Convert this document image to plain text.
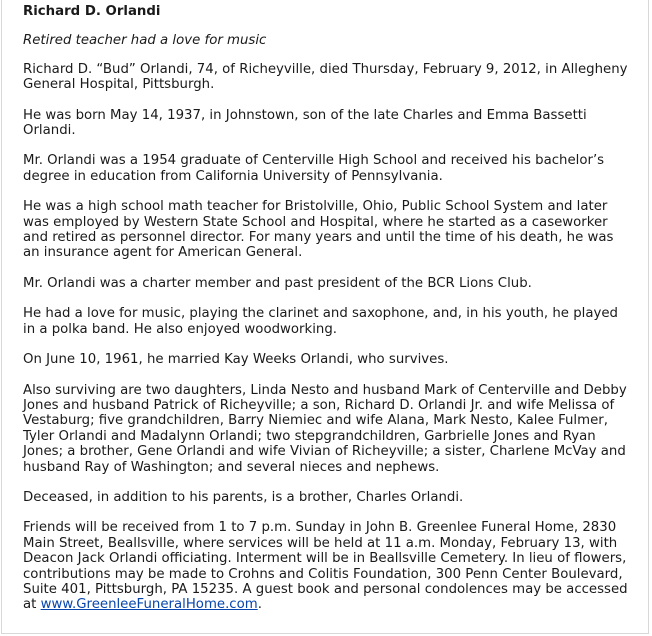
Richard D. Orlandi
Retired teacher had a love for music

Richard D. “Bud” Orlandi, 74, of Richeyville, died Thursday, February 9, 2012, in Allegheny General Hospital, Pittsburgh.

He was born May 14, 1937, in Johnstown, son of the late Charles and Emma Bassetti Orlandi.

Mr. Orlandi was a 1954 graduate of Centerville High School and received his bachelor’s degree in education from California University of Pennsylvania.

He was a high school math teacher for Bristolville, Ohio, Public School System and later was employed by Western State School and Hospital, where he started as a caseworker and retired as personnel director. For many years and until the time of his death, he was an insurance agent for American General.

Mr. Orlandi was a charter member and past president of the BCR Lions Club.

He had a love for music, playing the clarinet and saxophone, and, in his youth, he played in a polka band. He also enjoyed woodworking.

On June 10, 1961, he married Kay Weeks Orlandi, who survives.

Also surviving are two daughters, Linda Nesto and husband Mark of Centerville and Debby Jones and husband Patrick of Richeyville; a son, Richard D. Orlandi Jr. and wife Melissa of Vestaburg; five grandchildren, Barry Niemiec and wife Alana, Mark Nesto, Kalee Fulmer, Tyler Orlandi and Madalynn Orlandi; two stepgrandchildren, Garbrielle Jones and Ryan Jones; a brother, Gene Orlandi and wife Vivian of Richeyville; a sister, Charlene McVay and husband Ray of Washington; and several nieces and nephews.

Deceased, in addition to his parents, is a brother, Charles Orlandi.

Friends will be received from 1 to 7 p.m. Sunday in John B. Greenlee Funeral Home, 2830 Main Street, Beallsville, where services will be held at 11 a.m. Monday, February 13, with Deacon Jack Orlandi officiating. Interment will be in Beallsville Cemetery. In lieu of flowers, contributions may be made to Crohns and Colitis Foundation, 300 Penn Center Boulevard, Suite 401, Pittsburgh, PA 15235. A guest book and personal condolences may be accessed at www.GreenleeFuneralHome.com.
